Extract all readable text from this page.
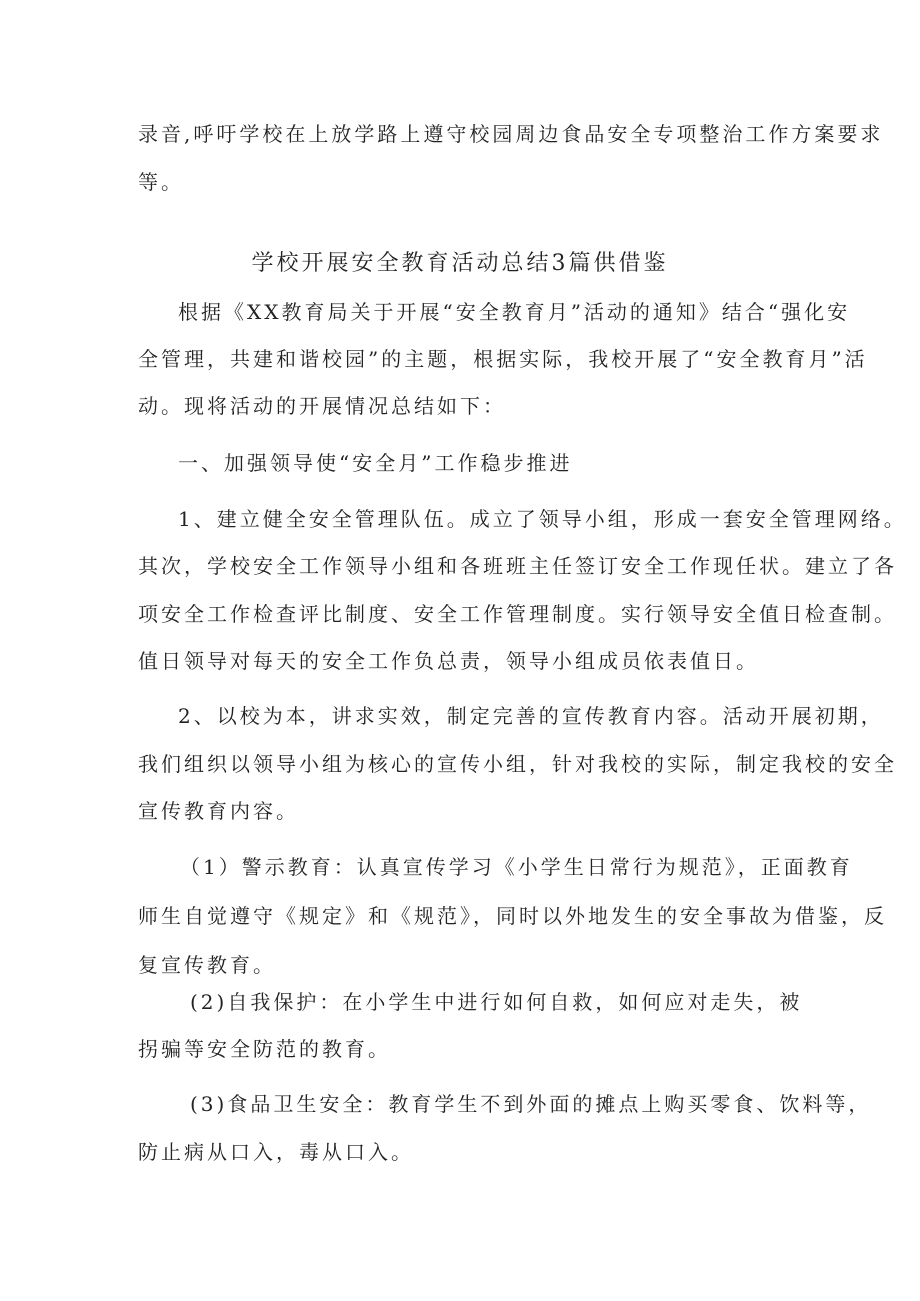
录音,呼吁学校在上放学路上遵守校园周边食品安全专项整治工作方案要求
等。
学校开展安全教育活动总结3篇供借鉴
根据《XX教育局关于开展“安全教育月”活动的通知》结合“强化安
全管理，共建和谐校园”的主题，根据实际，我校开展了“安全教育月”活
动。现将活动的开展情况总结如下：
一、加强领导使“安全月”工作稳步推进
1、建立健全安全管理队伍。成立了领导小组，形成一套安全管理网络。
其次，学校安全工作领导小组和各班班主任签订安全工作现任状。建立了各
项安全工作检查评比制度、安全工作管理制度。实行领导安全值日检查制。
值日领导对每天的安全工作负总责，领导小组成员依表值日。
2、以校为本，讲求实效，制定完善的宣传教育内容。活动开展初期，
我们组织以领导小组为核心的宣传小组，针对我校的实际，制定我校的安全
宣传教育内容。
（1）警示教育：认真宣传学习《小学生日常行为规范》，正面教育
师生自觉遵守《规定》和《规范》，同时以外地发生的安全事故为借鉴，反
复宣传教育。
(2)自我保护：在小学生中进行如何自救，如何应对走失，被
拐骗等安全防范的教育。
(3)食品卫生安全：教育学生不到外面的摊点上购买零食、饮料等，
防止病从口入，毒从口入。
